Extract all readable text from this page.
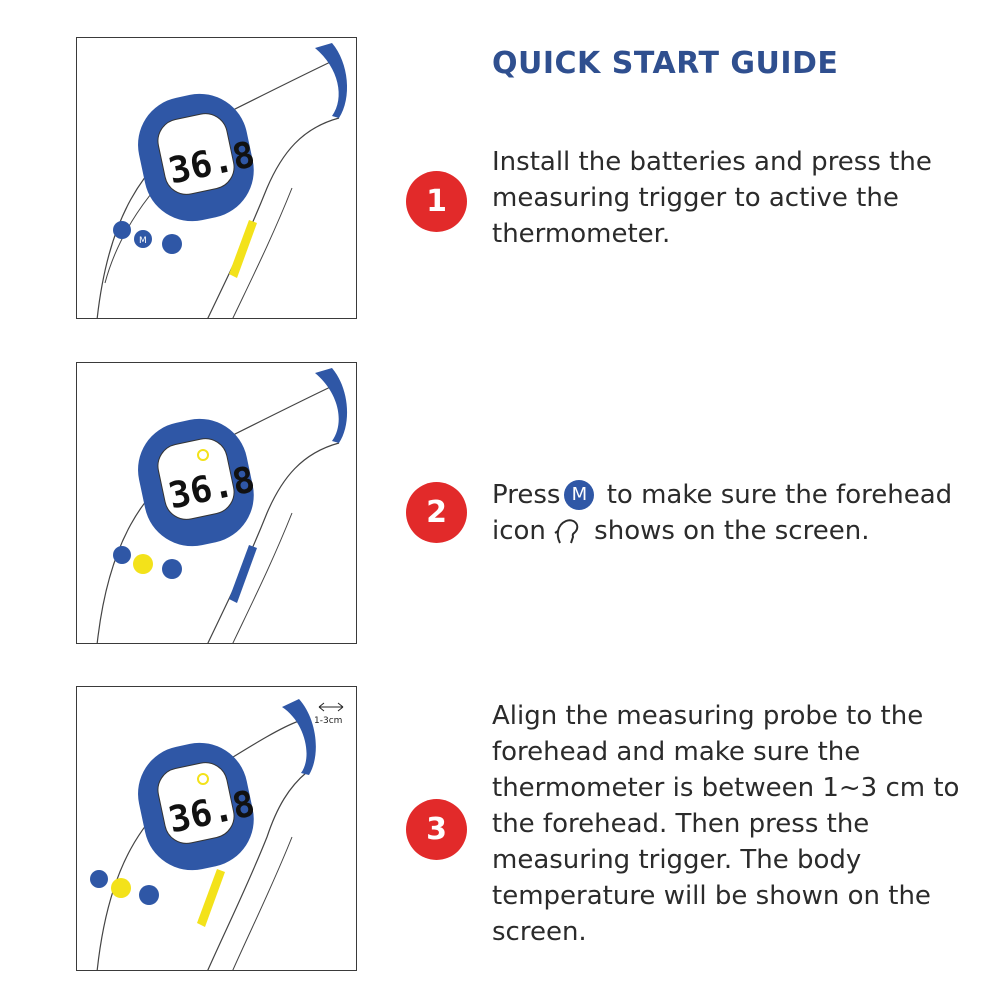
36.8
M
36.8
36.8
1-3cm
QUICK START GUIDE
1
2
3

Install the batteries and press the measuring trigger to active the thermometer.

Press M to make sure the forehead
icon shows on the screen.

Align the measuring probe to the forehead and make sure the thermometer is between 1~3 cm to the forehead. Then press the measuring trigger. The body temperature will be shown on the screen.
